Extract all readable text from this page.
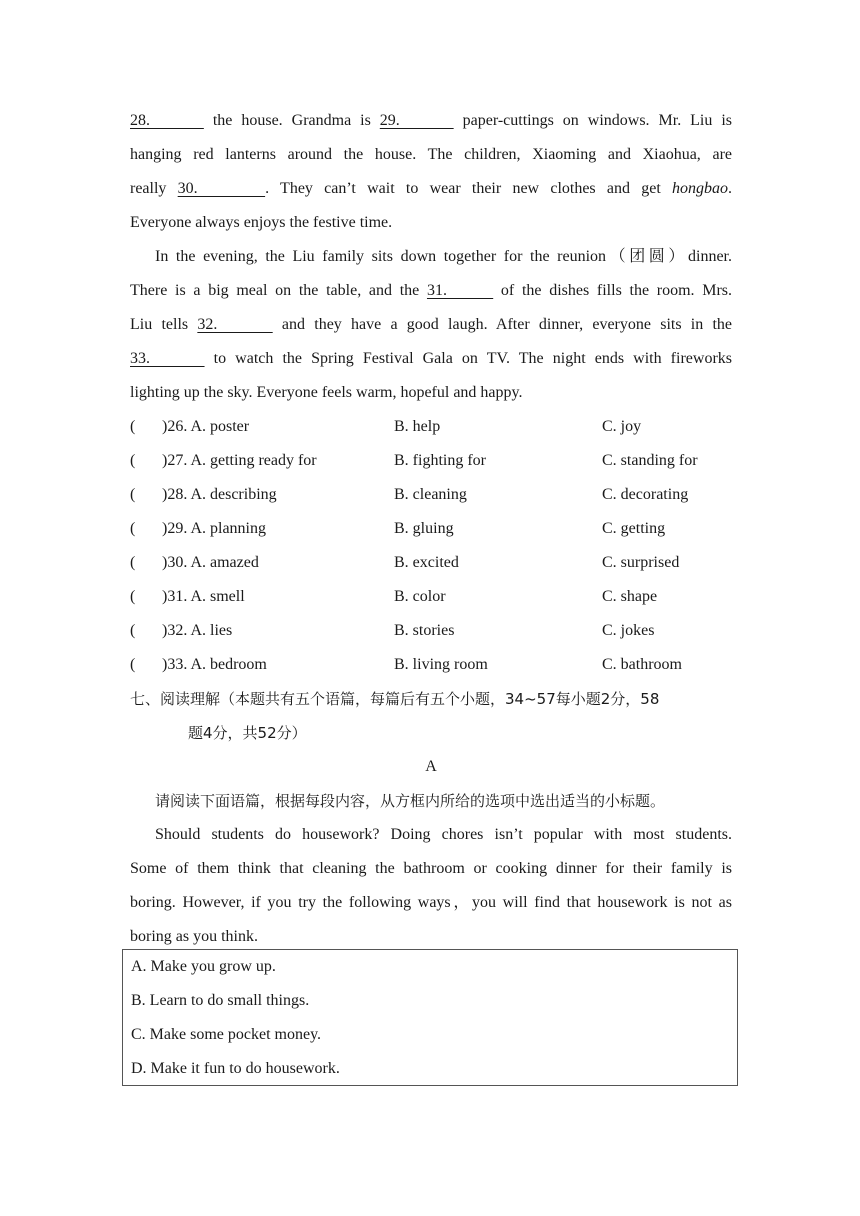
28.       the house. Grandma is 29.       paper-cuttings on windows. Mr. Liu is
hanging red lanterns around the house. The children, Xiaoming and Xiaohua, are
really 30.      . They can’t wait to wear their new clothes and get hongbao.
Everyone always enjoys the festive time.
In the evening, the Liu family sits down together for the reunion（团圆）dinner.
There is a big meal on the table, and the 31.       of the dishes fills the room. Mrs.
Liu tells 32.       and they have a good laugh. After dinner, everyone sits in the
33.       to watch the Spring Festival Gala on TV. The night ends with fireworks
lighting up the sky. Everyone feels warm, hopeful and happy.
( )26. A. poster	B. help	C. joy
( )27. A. getting ready for	B. fighting for	C. standing for
( )28. A. describing	B. cleaning	C. decorating
( )29. A. planning	B. gluing	C. getting
( )30. A. amazed	B. excited	C. surprised
( )31. A. smell	B. color	C. shape
( )32. A. lies	B. stories	C. jokes
( )33. A. bedroom	B. living room	C. bathroom
七、阅读理解（本题共有五个语篇，每篇后有五个小题，34~57每小题2分，58
题4分，共52分）
A
请阅读下面语篇，根据每段内容，从方框内所给的选项中选出适当的小标题。
Should students do housework? Doing chores isn’t popular with most students.
Some of them think that cleaning the bathroom or cooking dinner for their family is
boring. However, if you try the following ways，you will find that housework is not as
boring as you think.
A. Make you grow up.
B. Learn to do small things.
C. Make some pocket money.
D. Make it fun to do housework.
